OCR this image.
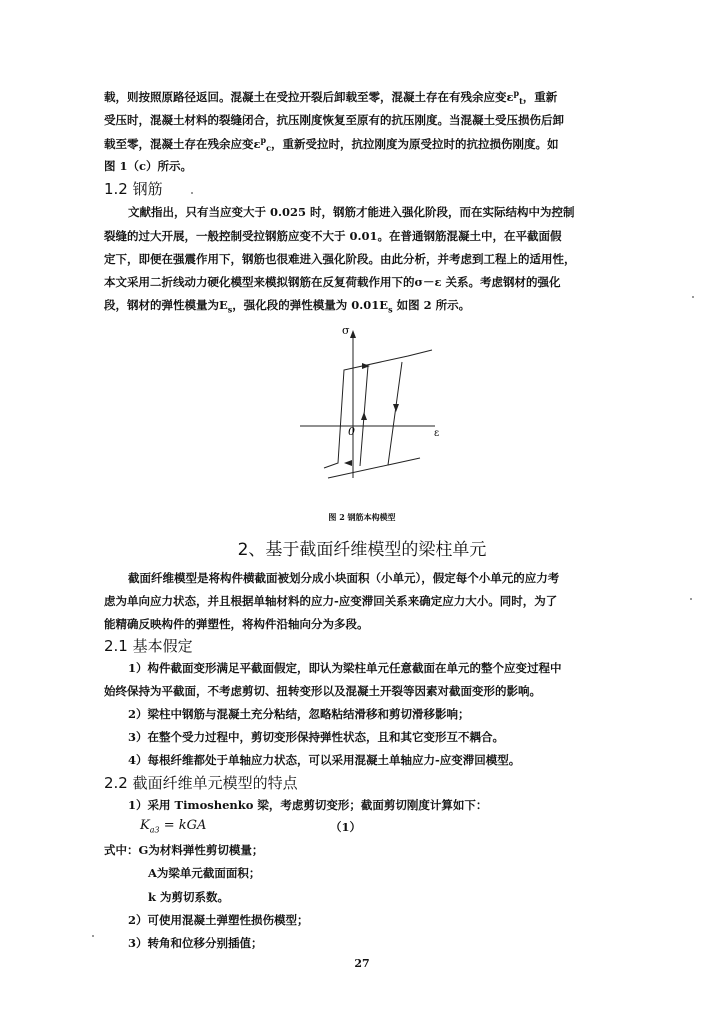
载，则按照原路径返回。混凝土在受拉开裂后卸载至零，混凝土存在有残余应变$\varepsilon^p_t$，重新
受压时，混凝土材料的裂缝闭合，抗压刚度恢复至原有的抗压刚度。当混凝土受压损伤后卸
载至零，混凝土存在残余应变$\varepsilon^p_c$，重新受拉时，抗拉刚度为原受拉时的抗拉损伤刚度。如
图 1（c）所示。
1.2 钢筋
文献指出，只有当应变大于 0.025 时，钢筋才能进入强化阶段，而在实际结构中为控制
裂缝的过大开展，一般控制受拉钢筋应变不大于 0.01。在普通钢筋混凝土中，在平截面假
定下，即便在强震作用下，钢筋也很难进入强化阶段。由此分析，并考虑到工程上的适用性，
本文采用二折线动力硬化模型来模拟钢筋在反复荷载作用下的σ－ε 关系。考虑钢材的强化
段，钢材的弹性模量为$E_s$，强化段的弹性模量为 $0.01E_s$ 如图 2 所示。
σ
ε
0
图 2 钢筋本构模型
2、基于截面纤维模型的梁柱单元
截面纤维模型是将构件横截面被划分成小块面积（小单元），假定每个小单元的应力考
虑为单向应力状态，并且根据单轴材料的应力-应变滞回关系来确定应力大小。同时，为了
能精确反映构件的弹塑性，将构件沿轴向分为多段。
2.1 基本假定
1）构件截面变形满足平截面假定，即认为梁柱单元任意截面在单元的整个应变过程中
始终保持为平截面，不考虑剪切、扭转变形以及混凝土开裂等因素对截面变形的影响。
2）梁柱中钢筋与混凝土充分粘结，忽略粘结滑移和剪切滑移影响；
3）在整个受力过程中，剪切变形保持弹性状态，且和其它变形互不耦合。
4）每根纤维都处于单轴应力状态，可以采用混凝土单轴应力-应变滞回模型。
2.2 截面纤维单元模型的特点
1）采用 Timoshenko 梁，考虑剪切变形；截面剪切刚度计算如下：
$K_{a3}$ = kGA	（1）
式中：G为材料弹性剪切模量；
A为梁单元截面面积；
k 为剪切系数。
2）可使用混凝土弹塑性损伤模型；
3）转角和位移分别插值；
27
